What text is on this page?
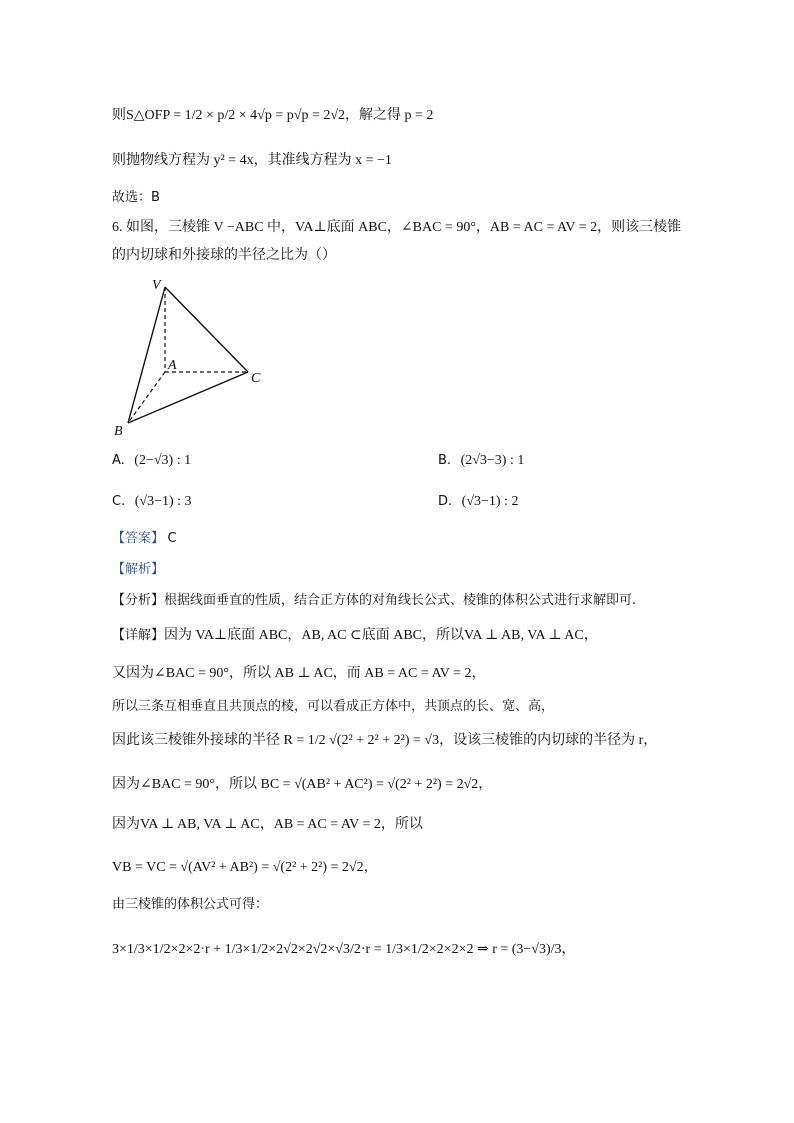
则S△OFP = 1/2 × p/2 × 4√p = p√p = 2√2，解之得 p = 2
则抛物线方程为 y² = 4x，其准线方程为 x = −1
故选：B
6. 如图，三棱锥 V −ABC 中，VA⊥底面 ABC，∠BAC = 90°，AB = AC = AV = 2，则该三棱锥
的内切球和外接球的半径之比为（）
V
A
B
C
A. (2−√3) : 1	B. (2√3−3) : 1
C. (√3−1) : 3	D. (√3−1) : 2
【答案】 C
【解析】
【分析】根据线面垂直的性质，结合正方体的对角线长公式、棱锥的体积公式进行求解即可.
【详解】因为 VA⊥底面 ABC，AB, AC ⊂底面 ABC，所以VA ⊥ AB, VA ⊥ AC，
又因为∠BAC = 90°，所以 AB ⊥ AC，而 AB = AC = AV = 2，
所以三条互相垂直且共顶点的棱，可以看成正方体中，共顶点的长、宽、高，
因此该三棱锥外接球的半径 R = 1/2 √(2² + 2² + 2²) = √3，设该三棱锥的内切球的半径为 r，
因为∠BAC = 90°，所以 BC = √(AB² + AC²) = √(2² + 2²) = 2√2，
因为VA ⊥ AB, VA ⊥ AC，AB = AC = AV = 2，所以
VB = VC = √(AV² + AB²) = √(2² + 2²) = 2√2，
由三棱锥的体积公式可得：
3×1/3×1/2×2×2·r + 1/3×1/2×2√2×2√2×√3/2·r = 1/3×1/2×2×2×2 ⇒ r = (3−√3)/3，
